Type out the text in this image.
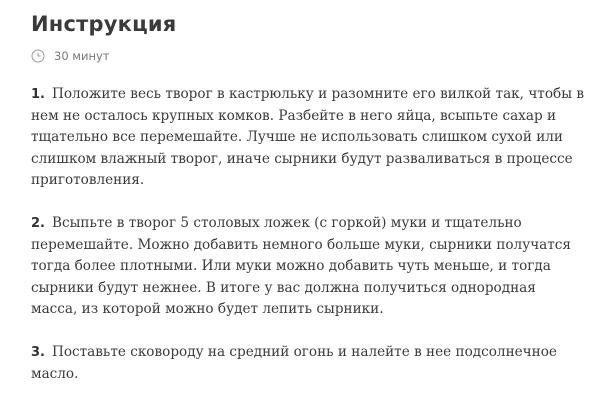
Инструкция
30 минут

1. Положите весь творог в кастрюльку и разомните его вилкой так, чтобы в нем не осталось крупных комков. Разбейте в него яйца, всыпьте сахар и тщательно все перемешайте. Лучше не использовать слишком сухой или слишком влажный творог, иначе сырники будут разваливаться в процессе приготовления.

2. Всыпьте в творог 5 столовых ложек (с горкой) муки и тщательно перемешайте. Можно добавить немного больше муки, сырники получатся тогда более плотными. Или муки можно добавить чуть меньше, и тогда сырники будут нежнее. В итоге у вас должна получиться однородная масса, из которой можно будет лепить сырники.

3. Поставьте сковороду на средний огонь и налейте в нее подсолнечное масло.
